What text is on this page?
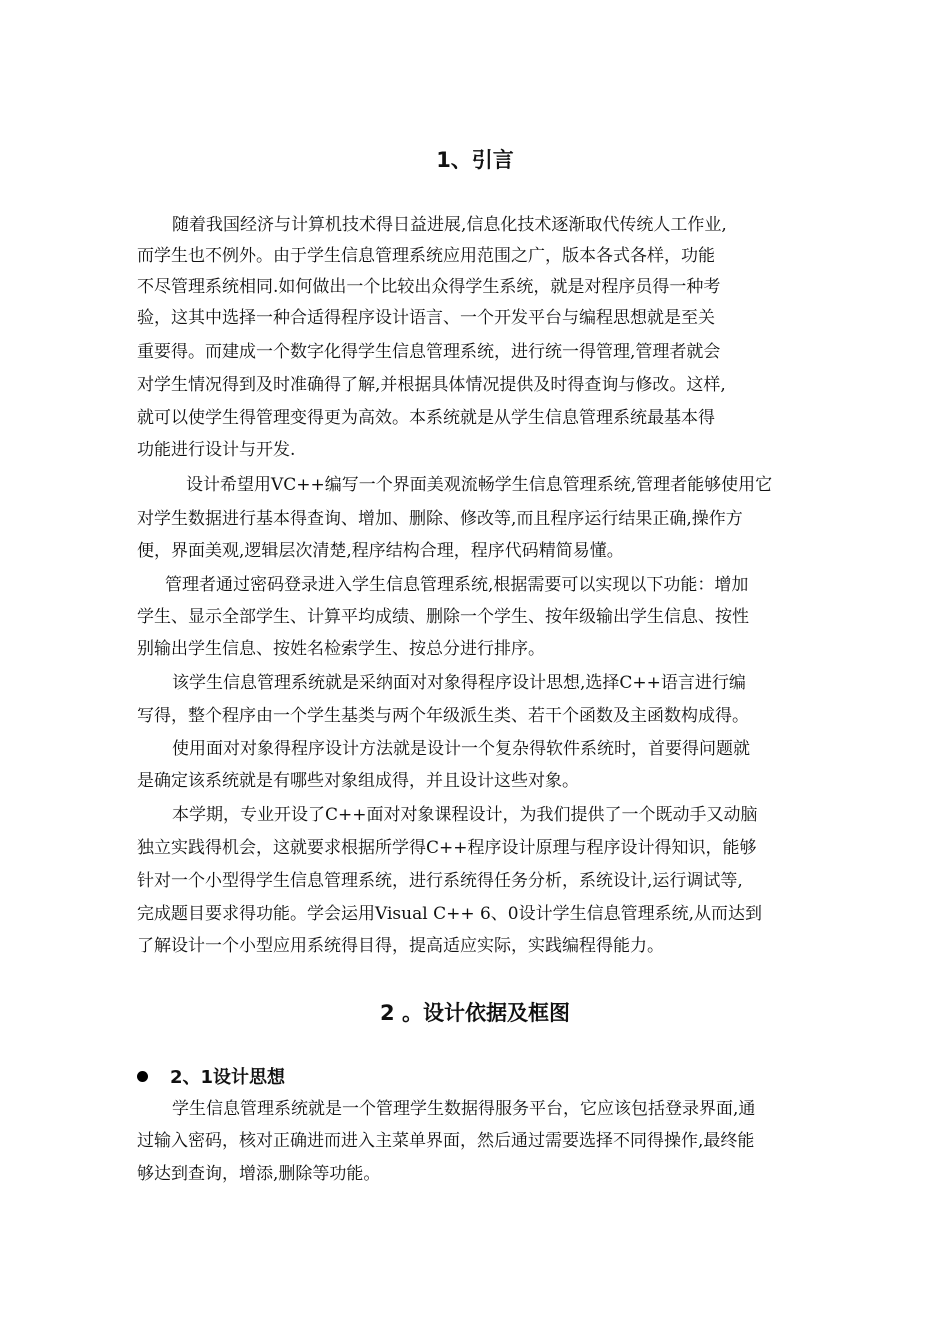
1、引言
随着我国经济与计算机技术得日益进展,信息化技术逐渐取代传统人工作业,
而学生也不例外。由于学生信息管理系统应用范围之广，版本各式各样，功能
不尽管理系统相同.如何做出一个比较出众得学生系统，就是对程序员得一种考
验，这其中选择一种合适得程序设计语言、一个开发平台与编程思想就是至关
重要得。而建成一个数字化得学生信息管理系统，进行统一得管理,管理者就会
对学生情况得到及时准确得了解,并根据具体情况提供及时得查询与修改。这样,
就可以使学生得管理变得更为高效。本系统就是从学生信息管理系统最基本得
功能进行设计与开发.
设计希望用VC++编写一个界面美观流畅学生信息管理系统,管理者能够使用它
对学生数据进行基本得查询、增加、删除、修改等,而且程序运行结果正确,操作方
便，界面美观,逻辑层次清楚,程序结构合理，程序代码精简易懂。
管理者通过密码登录进入学生信息管理系统,根据需要可以实现以下功能：增加
学生、显示全部学生、计算平均成绩、删除一个学生、按年级输出学生信息、按性
别输出学生信息、按姓名检索学生、按总分进行排序。
该学生信息管理系统就是采纳面对对象得程序设计思想,选择C++语言进行编
写得，整个程序由一个学生基类与两个年级派生类、若干个函数及主函数构成得。
使用面对对象得程序设计方法就是设计一个复杂得软件系统时，首要得问题就
是确定该系统就是有哪些对象组成得，并且设计这些对象。
本学期，专业开设了C++面对对象课程设计，为我们提供了一个既动手又动脑
独立实践得机会，这就要求根据所学得C++程序设计原理与程序设计得知识，能够
针对一个小型得学生信息管理系统，进行系统得任务分析，系统设计,运行调试等,
完成题目要求得功能。学会运用Visual C++ 6、0设计学生信息管理系统,从而达到
了解设计一个小型应用系统得目得，提高适应实际，实践编程得能力。
2 。设计依据及框图
2、1设计思想
学生信息管理系统就是一个管理学生数据得服务平台，它应该包括登录界面,通
过输入密码，核对正确进而进入主菜单界面，然后通过需要选择不同得操作,最终能
够达到查询，增添,删除等功能。
